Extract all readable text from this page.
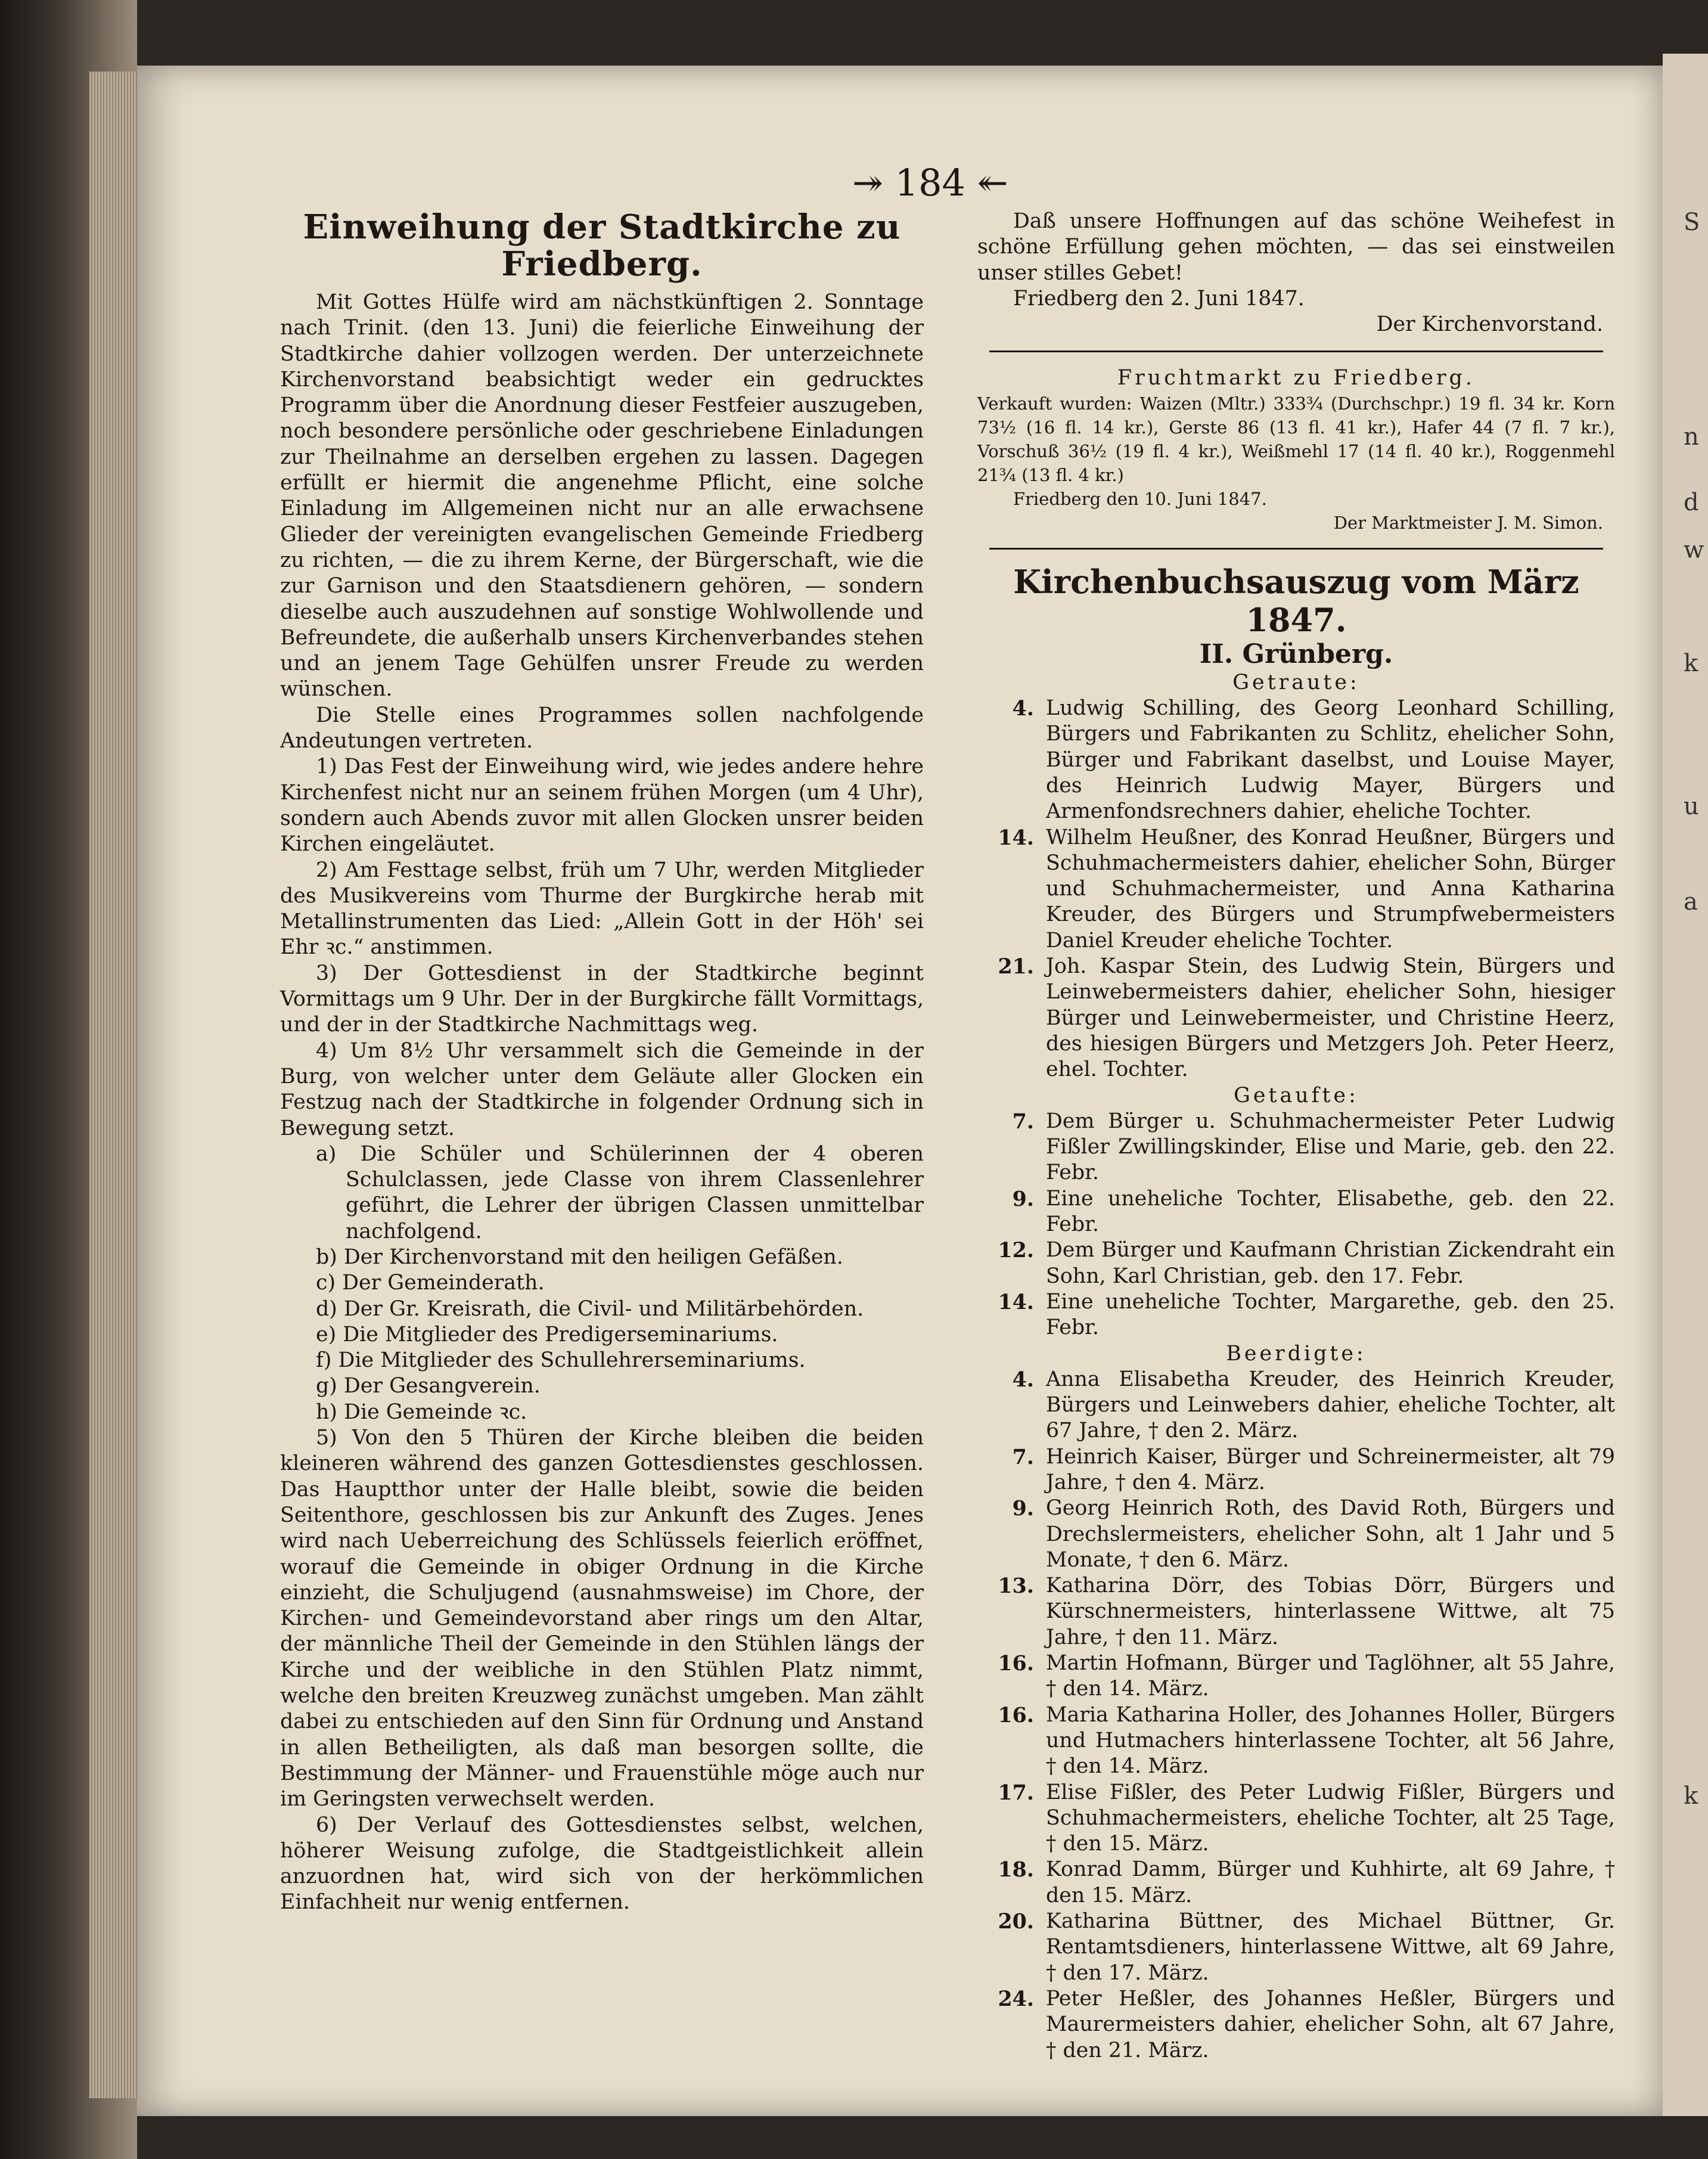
S
n
d
w
k
u
a
k
↠ 184 ↞
Einweihung der Stadtkirche zu Friedberg.

Mit Gottes Hülfe wird am nächstkünftigen 2. Sonntage nach Trinit. (den 13. Juni) die feierliche Einweihung der Stadtkirche dahier vollzogen werden. Der unterzeichnete Kirchenvorstand beabsichtigt weder ein gedrucktes Programm über die Anordnung dieser Festfeier auszugeben, noch besondere persönliche oder geschriebene Einladungen zur Theilnahme an derselben ergehen zu lassen. Dagegen erfüllt er hiermit die angenehme Pflicht, eine solche Einladung im Allgemeinen nicht nur an alle erwachsene Glieder der vereinigten evangelischen Gemeinde Friedberg zu richten, — die zu ihrem Kerne, der Bürgerschaft, wie die zur Garnison und den Staatsdienern gehören, — sondern dieselbe auch auszudehnen auf sonstige Wohlwollende und Befreundete, die außerhalb unsers Kirchenverbandes stehen und an jenem Tage Gehülfen unsrer Freude zu werden wünschen.

Die Stelle eines Programmes sollen nachfolgende Andeutungen vertreten.

1) Das Fest der Einweihung wird, wie jedes andere hehre Kirchenfest nicht nur an seinem frühen Morgen (um 4 Uhr), sondern auch Abends zuvor mit allen Glocken unsrer beiden Kirchen eingeläutet.

2) Am Festtage selbst, früh um 7 Uhr, werden Mitglieder des Musikvereins vom Thurme der Burgkirche herab mit Metallinstrumenten das Lied: „Allein Gott in der Höh' sei Ehr ꝛc.“ anstimmen.

3) Der Gottesdienst in der Stadtkirche beginnt Vormittags um 9 Uhr. Der in der Burgkirche fällt Vormittags, und der in der Stadtkirche Nachmittags weg.

4) Um 8½ Uhr versammelt sich die Gemeinde in der Burg, von welcher unter dem Geläute aller Glocken ein Festzug nach der Stadtkirche in folgender Ordnung sich in Bewegung setzt.

a) Die Schüler und Schülerinnen der 4 oberen Schulclassen, jede Classe von ihrem Classenlehrer geführt, die Lehrer der übrigen Classen unmittelbar nachfolgend.

b) Der Kirchenvorstand mit den heiligen Gefäßen.

c) Der Gemeinderath.

d) Der Gr. Kreisrath, die Civil- und Militärbehörden.

e) Die Mitglieder des Predigerseminariums.

f) Die Mitglieder des Schullehrerseminariums.

g) Der Gesangverein.

h) Die Gemeinde ꝛc.

5) Von den 5 Thüren der Kirche bleiben die beiden kleineren während des ganzen Gottesdienstes geschlossen. Das Hauptthor unter der Halle bleibt, sowie die beiden Seitenthore, geschlossen bis zur Ankunft des Zuges. Jenes wird nach Ueberreichung des Schlüssels feierlich eröffnet, worauf die Gemeinde in obiger Ordnung in die Kirche einzieht, die Schuljugend (ausnahmsweise) im Chore, der Kirchen- und Gemeindevorstand aber rings um den Altar, der männliche Theil der Gemeinde in den Stühlen längs der Kirche und der weibliche in den Stühlen Platz nimmt, welche den breiten Kreuzweg zunächst umgeben. Man zählt dabei zu entschieden auf den Sinn für Ordnung und Anstand in allen Betheiligten, als daß man besorgen sollte, die Bestimmung der Männer- und Frauenstühle möge auch nur im Geringsten verwechselt werden.

6) Der Verlauf des Gottesdienstes selbst, welchen, höherer Weisung zufolge, die Stadtgeistlichkeit allein anzuordnen hat, wird sich von der herkömmlichen Einfachheit nur wenig entfernen.

Daß unsere Hoffnungen auf das schöne Weihefest in schöne Erfüllung gehen möchten, — das sei einstweilen unser stilles Gebet!

Friedberg den 2. Juni 1847.

Der Kirchenvorstand.

Fruchtmarkt zu Friedberg.

Verkauft wurden: Waizen (Mltr.) 333¾ (Durchschpr.) 19 fl. 34 kr. Korn 73½ (16 fl. 14 kr.), Gerste 86 (13 fl. 41 kr.), Hafer 44 (7 fl. 7 kr.), Vorschuß 36½ (19 fl. 4 kr.), Weißmehl 17 (14 fl. 40 kr.), Roggenmehl 21¾ (13 fl. 4 kr.)

Friedberg den 10. Juni 1847.

Der Marktmeister J. M. Simon.

Kirchenbuchsauszug vom März 1847.
II. Grünberg.

Getraute:

4. Ludwig Schilling, des Georg Leonhard Schilling, Bürgers und Fabrikanten zu Schlitz, ehelicher Sohn, Bürger und Fabrikant daselbst, und Louise Mayer, des Heinrich Ludwig Mayer, Bürgers und Armenfondsrechners dahier, eheliche Tochter.
14. Wilhelm Heußner, des Konrad Heußner, Bürgers und Schuhmachermeisters dahier, ehelicher Sohn, Bürger und Schuhmachermeister, und Anna Katharina Kreuder, des Bürgers und Strumpfwebermeisters Daniel Kreuder eheliche Tochter.
21. Joh. Kaspar Stein, des Ludwig Stein, Bürgers und Leinwebermeisters dahier, ehelicher Sohn, hiesiger Bürger und Leinwebermeister, und Christine Heerz, des hiesigen Bürgers und Metzgers Joh. Peter Heerz, ehel. Tochter.

Getaufte:

7. Dem Bürger u. Schuhmachermeister Peter Ludwig Fißler Zwillingskinder, Elise und Marie, geb. den 22. Febr.
9. Eine uneheliche Tochter, Elisabethe, geb. den 22. Febr.
12. Dem Bürger und Kaufmann Christian Zickendraht ein Sohn, Karl Christian, geb. den 17. Febr.
14. Eine uneheliche Tochter, Margarethe, geb. den 25. Febr.

Beerdigte:

4. Anna Elisabetha Kreuder, des Heinrich Kreuder, Bürgers und Leinwebers dahier, eheliche Tochter, alt 67 Jahre, † den 2. März.
7. Heinrich Kaiser, Bürger und Schreinermeister, alt 79 Jahre, † den 4. März.
9. Georg Heinrich Roth, des David Roth, Bürgers und Drechslermeisters, ehelicher Sohn, alt 1 Jahr und 5 Monate, † den 6. März.
13. Katharina Dörr, des Tobias Dörr, Bürgers und Kürschnermeisters, hinterlassene Wittwe, alt 75 Jahre, † den 11. März.
16. Martin Hofmann, Bürger und Taglöhner, alt 55 Jahre, † den 14. März.
16. Maria Katharina Holler, des Johannes Holler, Bürgers und Hutmachers hinterlassene Tochter, alt 56 Jahre, † den 14. März.
17. Elise Fißler, des Peter Ludwig Fißler, Bürgers und Schuhmachermeisters, eheliche Tochter, alt 25 Tage, † den 15. März.
18. Konrad Damm, Bürger und Kuhhirte, alt 69 Jahre, † den 15. März.
20. Katharina Büttner, des Michael Büttner, Gr. Rentamtsdieners, hinterlassene Wittwe, alt 69 Jahre, † den 17. März.
24. Peter Heßler, des Johannes Heßler, Bürgers und Maurermeisters dahier, ehelicher Sohn, alt 67 Jahre, † den 21. März.
